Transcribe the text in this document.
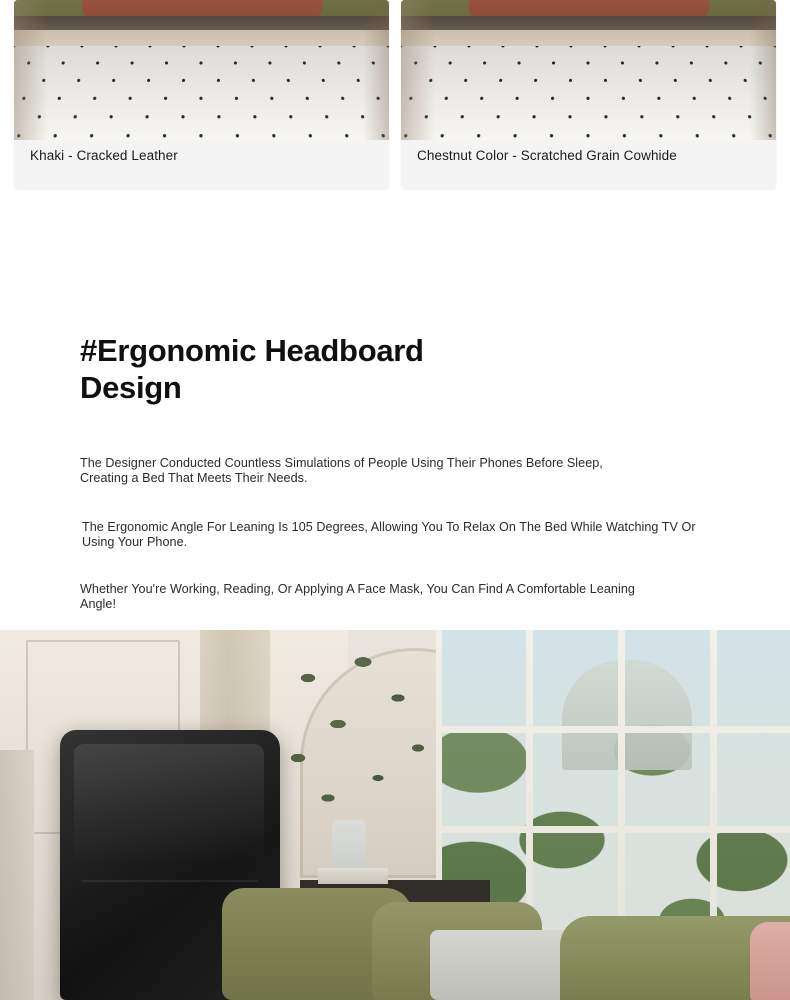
Khaki - Cracked Leather	Chestnut Color - Scratched Grain Cowhide
#Ergonomic Headboard Design

The Designer Conducted Countless Simulations of People Using Their Phones Before Sleep, Creating a Bed That Meets Their Needs.

The Ergonomic Angle For Leaning Is 105 Degrees, Allowing You To Relax On The Bed While Watching TV Or Using Your Phone.

Whether You're Working, Reading, Or Applying A Face Mask, You Can Find A Comfortable Leaning Angle!
